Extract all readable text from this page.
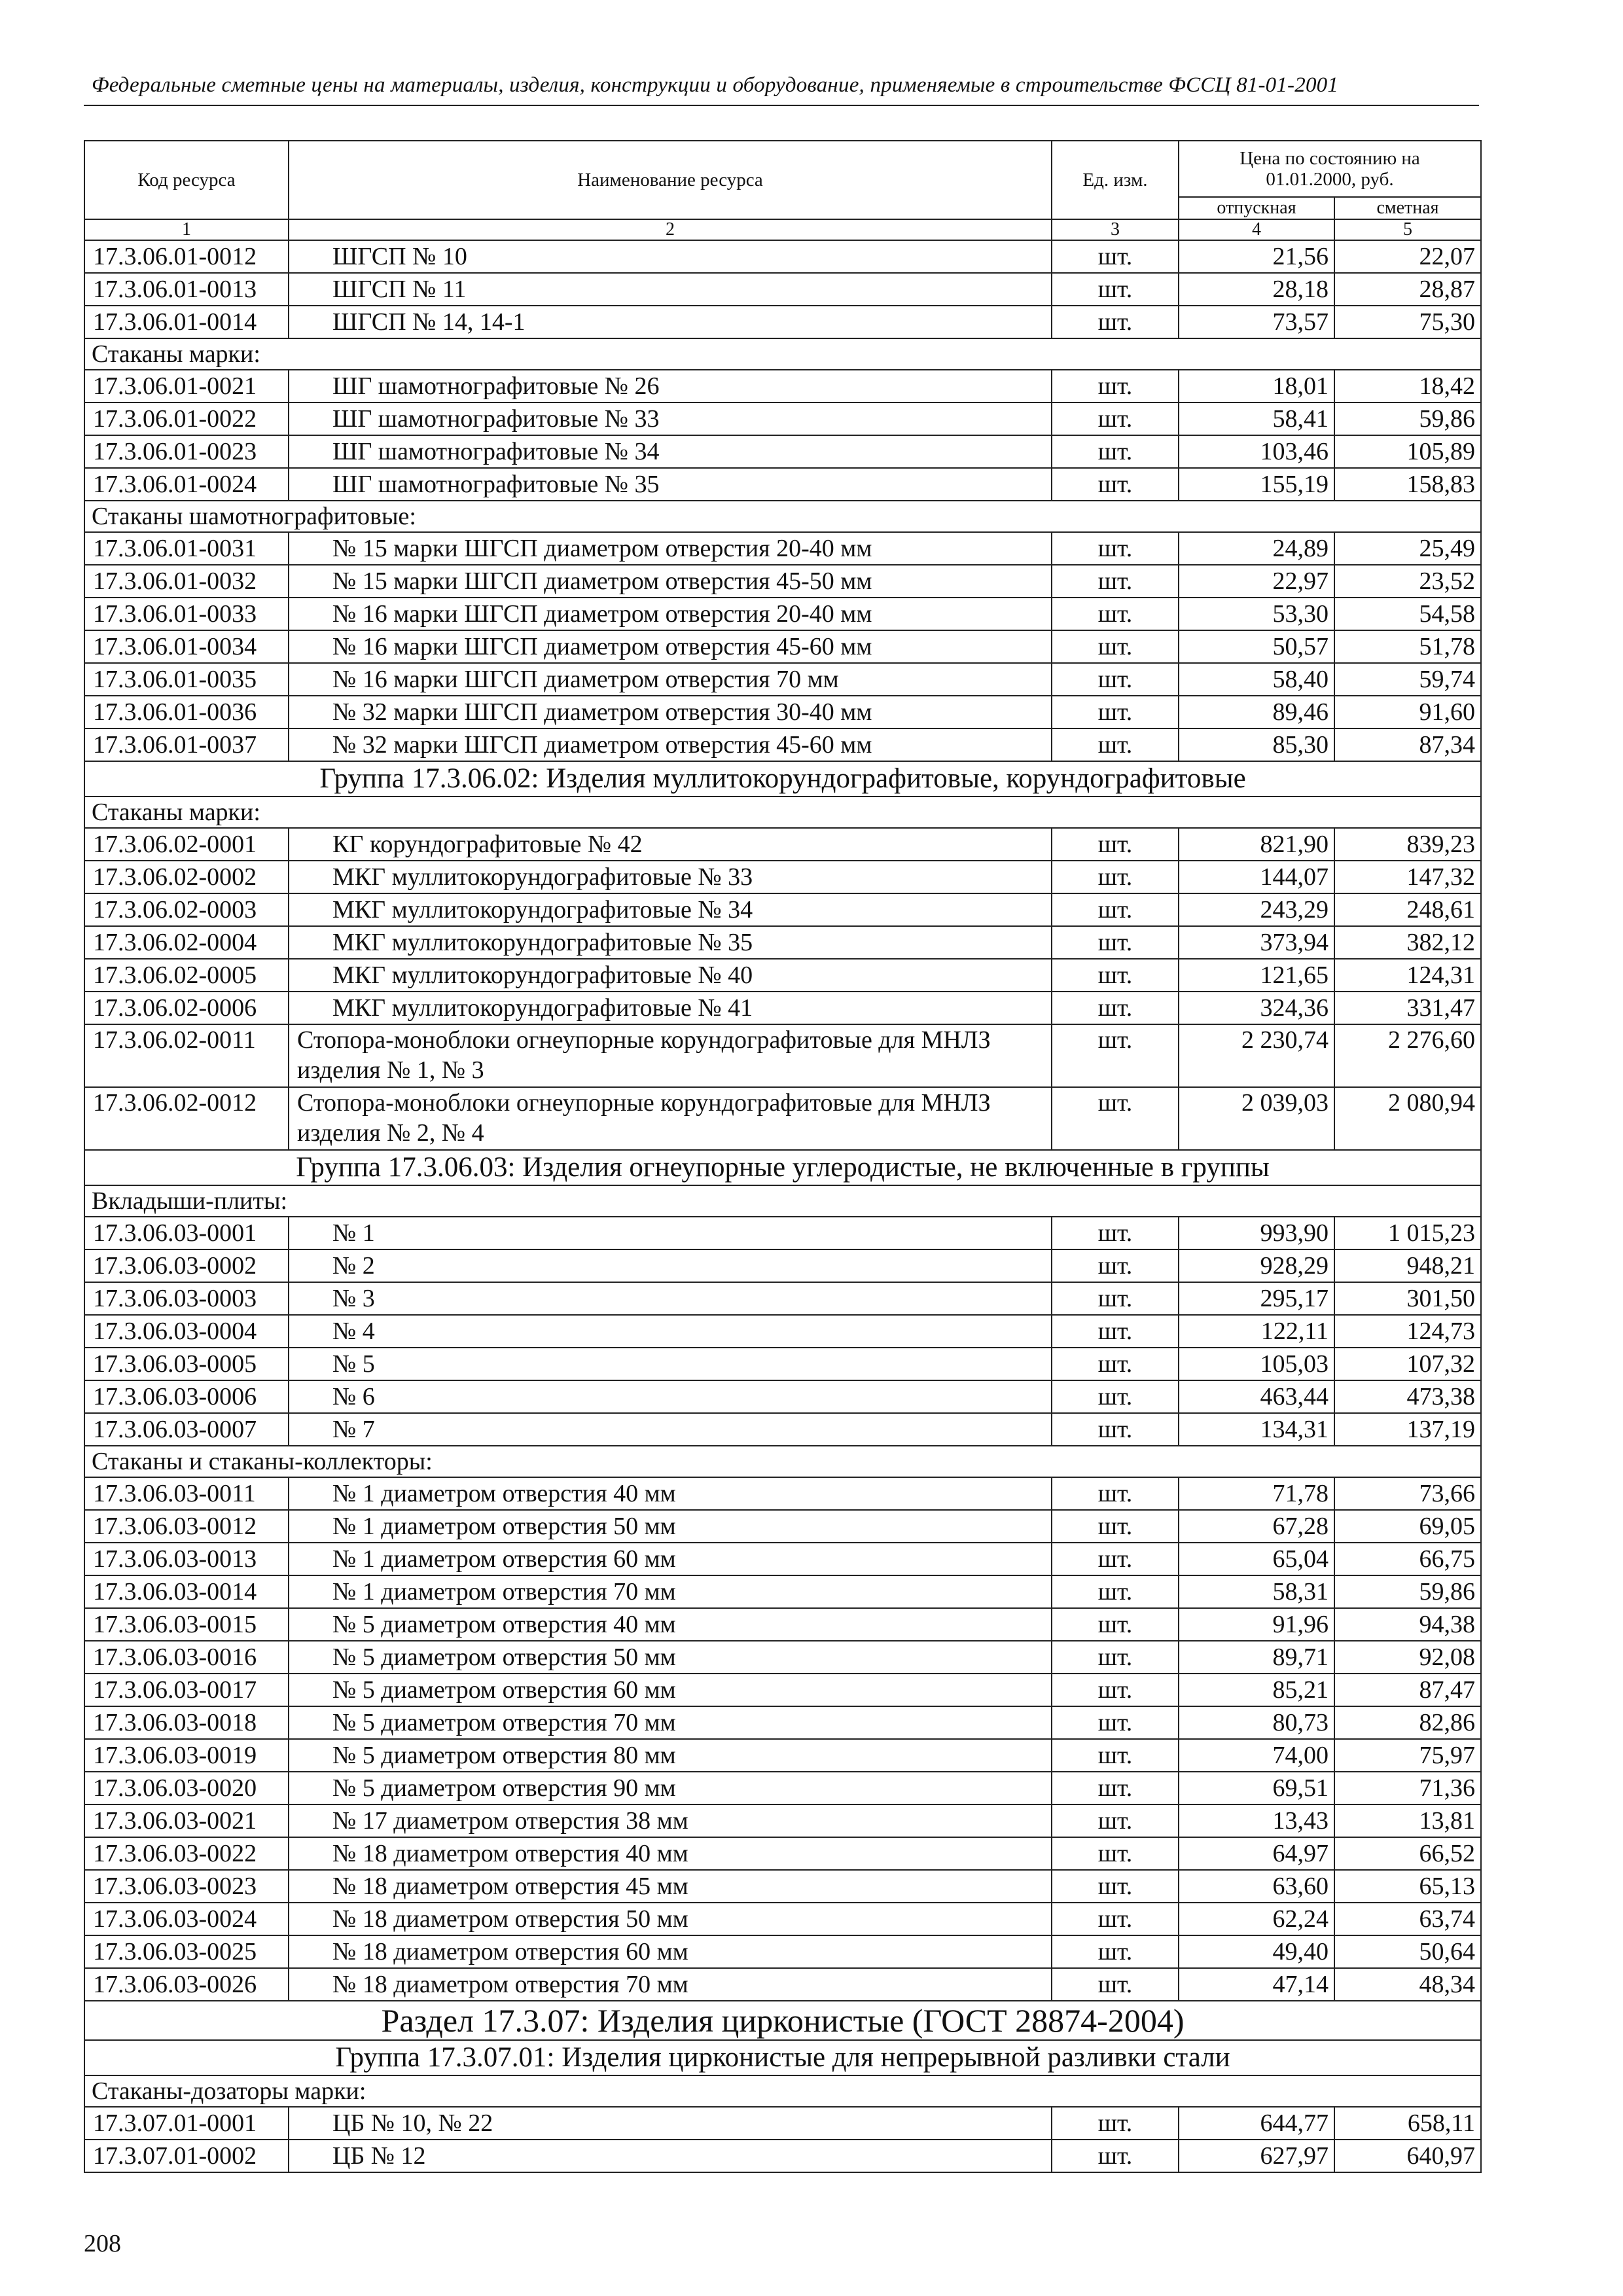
Федеральные сметные цены на материалы, изделия, конструкции и оборудование, применяемые в строительстве ФССЦ 81-01-2001
Код ресурса	Наименование ресурса	Ед. изм.	Цена по состоянию на 01.01.2000, руб.	
			отпускная	сметная
1	2	3	4	5
17.3.06.01-0012	ШГСП № 10	шт.	21,56	22,07
17.3.06.01-0013	ШГСП № 11	шт.	28,18	28,87
17.3.06.01-0014	ШГСП № 14, 14-1	шт.	73,57	75,30
Стаканы марки:				
17.3.06.01-0021	ШГ шамотнографитовые № 26	шт.	18,01	18,42
17.3.06.01-0022	ШГ шамотнографитовые № 33	шт.	58,41	59,86
17.3.06.01-0023	ШГ шамотнографитовые № 34	шт.	103,46	105,89
17.3.06.01-0024	ШГ шамотнографитовые № 35	шт.	155,19	158,83
Стаканы шамотнографитовые:				
17.3.06.01-0031	№ 15 марки ШГСП диаметром отверстия 20-40 мм	шт.	24,89	25,49
17.3.06.01-0032	№ 15 марки ШГСП диаметром отверстия 45-50 мм	шт.	22,97	23,52
17.3.06.01-0033	№ 16 марки ШГСП диаметром отверстия 20-40 мм	шт.	53,30	54,58
17.3.06.01-0034	№ 16 марки ШГСП диаметром отверстия 45-60 мм	шт.	50,57	51,78
17.3.06.01-0035	№ 16 марки ШГСП диаметром отверстия 70 мм	шт.	58,40	59,74
17.3.06.01-0036	№ 32 марки ШГСП диаметром отверстия 30-40 мм	шт.	89,46	91,60
17.3.06.01-0037	№ 32 марки ШГСП диаметром отверстия 45-60 мм	шт.	85,30	87,34
Группа 17.3.06.02: Изделия муллитокорундографитовые, корундографитовые				
Стаканы марки:				
17.3.06.02-0001	КГ корундографитовые № 42	шт.	821,90	839,23
17.3.06.02-0002	МКГ муллитокорундографитовые № 33	шт.	144,07	147,32
17.3.06.02-0003	МКГ муллитокорундографитовые № 34	шт.	243,29	248,61
17.3.06.02-0004	МКГ муллитокорундографитовые № 35	шт.	373,94	382,12
17.3.06.02-0005	МКГ муллитокорундографитовые № 40	шт.	121,65	124,31
17.3.06.02-0006	МКГ муллитокорундографитовые № 41	шт.	324,36	331,47
17.3.06.02-0011	Стопора-моноблоки огнеупорные корундографитовые для МНЛЗ изделия № 1, № 3	шт.	2 230,74	2 276,60
17.3.06.02-0012	Стопора-моноблоки огнеупорные корундографитовые для МНЛЗ изделия № 2, № 4	шт.	2 039,03	2 080,94
Группа 17.3.06.03: Изделия огнеупорные углеродистые, не включенные в группы				
Вкладыши-плиты:				
17.3.06.03-0001	№ 1	шт.	993,90	1 015,23
17.3.06.03-0002	№ 2	шт.	928,29	948,21
17.3.06.03-0003	№ 3	шт.	295,17	301,50
17.3.06.03-0004	№ 4	шт.	122,11	124,73
17.3.06.03-0005	№ 5	шт.	105,03	107,32
17.3.06.03-0006	№ 6	шт.	463,44	473,38
17.3.06.03-0007	№ 7	шт.	134,31	137,19
Стаканы и стаканы-коллекторы:				
17.3.06.03-0011	№ 1 диаметром отверстия 40 мм	шт.	71,78	73,66
17.3.06.03-0012	№ 1 диаметром отверстия 50 мм	шт.	67,28	69,05
17.3.06.03-0013	№ 1 диаметром отверстия 60 мм	шт.	65,04	66,75
17.3.06.03-0014	№ 1 диаметром отверстия 70 мм	шт.	58,31	59,86
17.3.06.03-0015	№ 5 диаметром отверстия 40 мм	шт.	91,96	94,38
17.3.06.03-0016	№ 5 диаметром отверстия 50 мм	шт.	89,71	92,08
17.3.06.03-0017	№ 5 диаметром отверстия 60 мм	шт.	85,21	87,47
17.3.06.03-0018	№ 5 диаметром отверстия 70 мм	шт.	80,73	82,86
17.3.06.03-0019	№ 5 диаметром отверстия 80 мм	шт.	74,00	75,97
17.3.06.03-0020	№ 5 диаметром отверстия 90 мм	шт.	69,51	71,36
17.3.06.03-0021	№ 17 диаметром отверстия 38 мм	шт.	13,43	13,81
17.3.06.03-0022	№ 18 диаметром отверстия 40 мм	шт.	64,97	66,52
17.3.06.03-0023	№ 18 диаметром отверстия 45 мм	шт.	63,60	65,13
17.3.06.03-0024	№ 18 диаметром отверстия 50 мм	шт.	62,24	63,74
17.3.06.03-0025	№ 18 диаметром отверстия 60 мм	шт.	49,40	50,64
17.3.06.03-0026	№ 18 диаметром отверстия 70 мм	шт.	47,14	48,34
Раздел 17.3.07: Изделия цирконистые (ГОСТ 28874-2004)				
Группа 17.3.07.01: Изделия цирконистые для непрерывной разливки стали				
Стаканы-дозаторы марки:				
17.3.07.01-0001	ЦБ № 10, № 22	шт.	644,77	658,11
17.3.07.01-0002	ЦБ № 12	шт.	627,97	640,97
208
